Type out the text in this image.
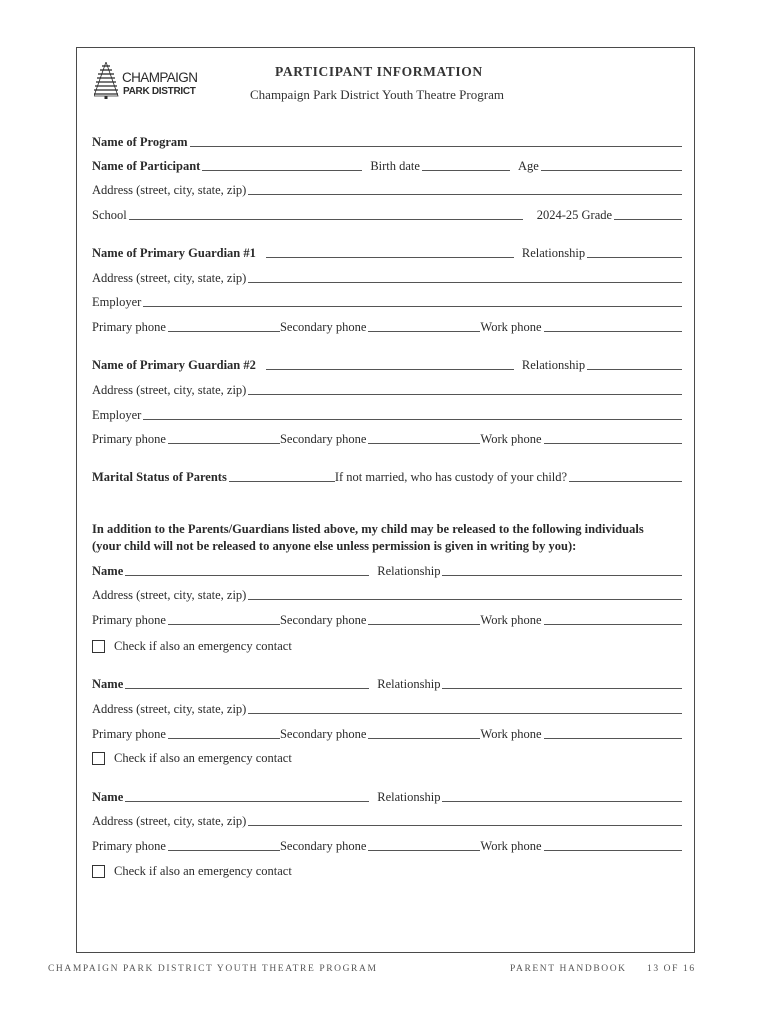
CHAMPAIGN
PARK DISTRICT
PARTICIPANT INFORMATION
Champaign Park District Youth Theatre Program
Name of Program
Name of Participant	Birth date	Age
Address (street, city, state, zip)
School	2024-25 Grade
Name of Primary Guardian #1	Relationship
Address (street, city, state, zip)
Employer
Primary phone	Secondary phone	Work phone
Name of Primary Guardian #2	Relationship
Address (street, city, state, zip)
Employer
Primary phone	Secondary phone	Work phone
Marital Status of Parents	If not married, who has custody of your child?
In addition to the Parents/Guardians listed above, my child may be released to the following individuals
(your child will not be released to anyone else unless permission is given in writing by you):
Name	Relationship
Address (street, city, state, zip)
Primary phone	Secondary phone	Work phone
Check if also an emergency contact
Name	Relationship
Address (street, city, state, zip)
Primary phone	Secondary phone	Work phone
Check if also an emergency contact
Name	Relationship
Address (street, city, state, zip)
Primary phone	Secondary phone	Work phone
Check if also an emergency contact
CHAMPAIGN PARK DISTRICT YOUTH THEATRE PROGRAM	PARENT HANDBOOK 13 OF 16
